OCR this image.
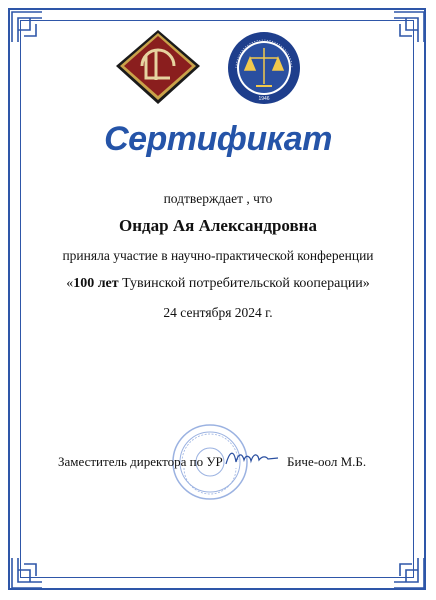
1946
Сертификат
подтверждает , что
Ондар Ая Александровна
приняла участие в научно-практической конференции
«100 лет Тувинской потребительской кооперации»
24 сентября 2024 г.
Заместитель директора по УР	Биче-оол М.Б.
